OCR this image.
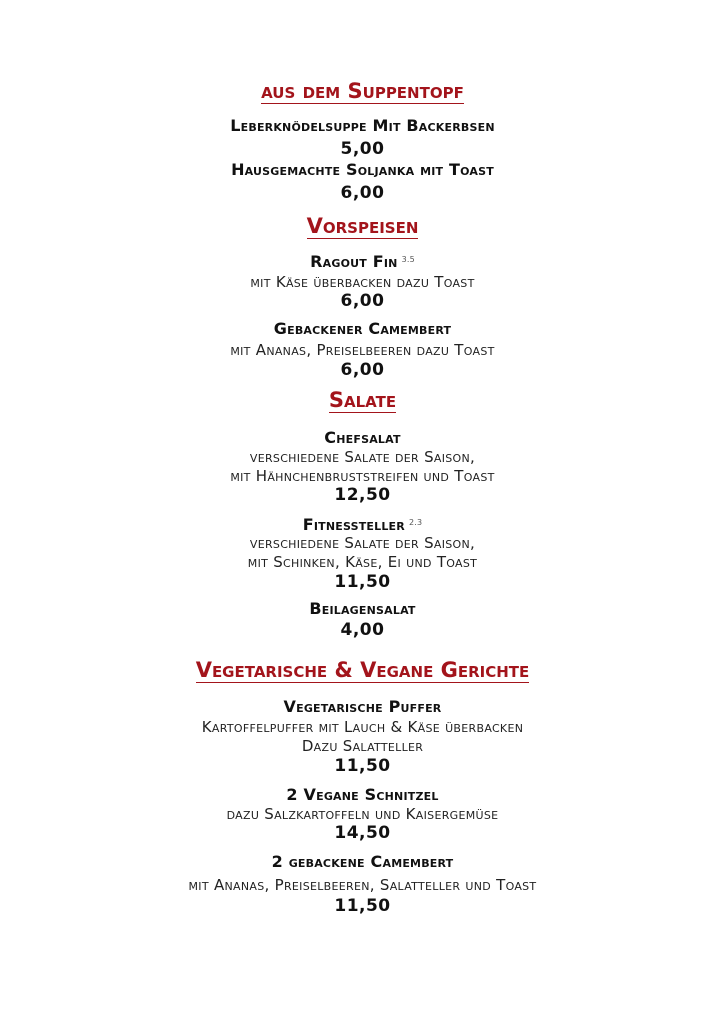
aus dem Suppentopf
Leberknödelsuppe Mit Backerbsen
5,00
Hausgemachte Soljanka mit Toast
6,00
Vorspeisen
Ragout Fin $^{3.5}$
mit Käse überbacken dazu Toast
6,00
Gebackener Camembert
mit Ananas, Preiselbeeren dazu Toast
6,00
Salate
Chefsalat
verschiedene Salate der Saison,
mit Hähnchenbruststreifen und Toast
12,50
Fitnessteller $^{2.3}$
verschiedene Salate der Saison,
mit Schinken, Käse, Ei und Toast
11,50
Beilagensalat
4,00
Vegetarische & Vegane Gerichte
Vegetarische Puffer
Kartoffelpuffer mit Lauch & Käse überbacken
Dazu Salatteller
11,50
2 Vegane Schnitzel
dazu Salzkartoffeln und Kaisergemüse
14,50
2 gebackene Camembert
mit Ananas, Preiselbeeren, Salatteller und Toast
11,50
